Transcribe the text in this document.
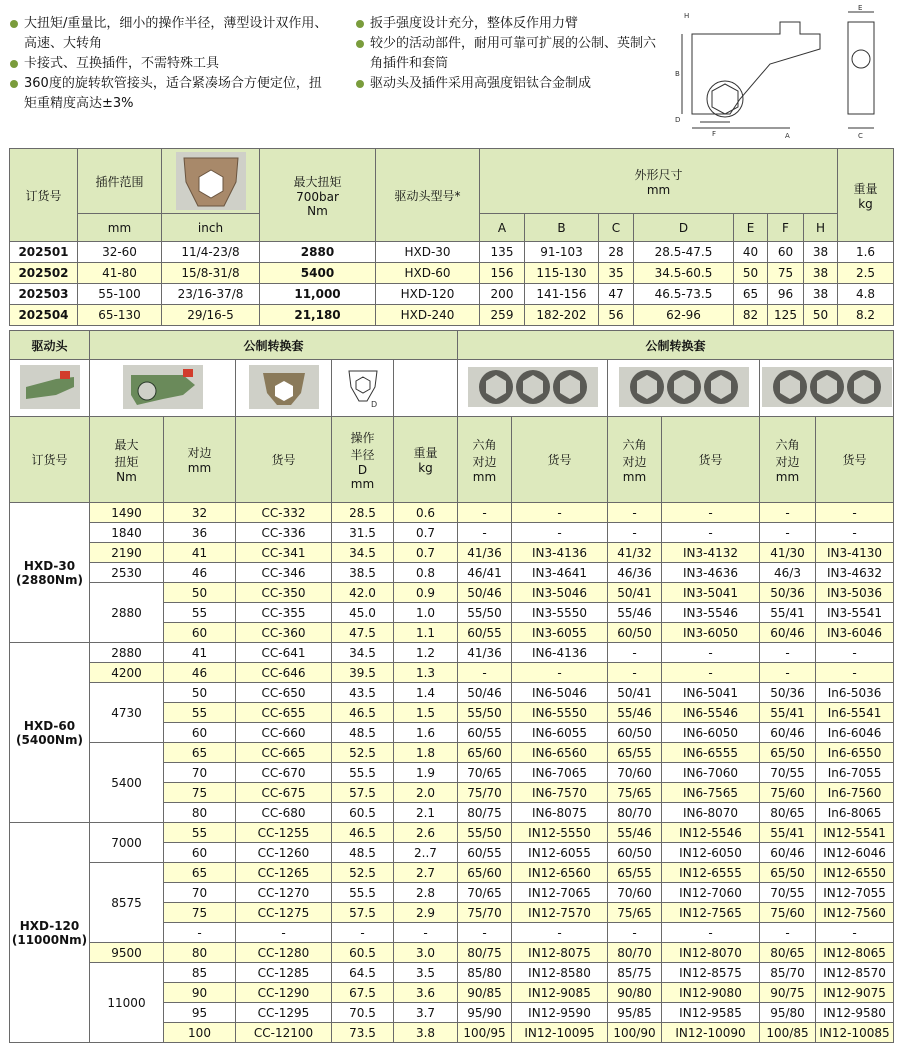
大扭矩/重量比，细小的操作半径，薄型设计双作用、高速、大转角
卡接式、互换插件，不需特殊工具
360度的旋转软管接头，适合紧凑场合方便定位，扭矩重精度高达±3%
扳手强度设计充分，整体反作用力臂
较少的活动部件，耐用可靠可扩展的公制、英制六角插件和套筒
驱动头及插件采用高强度铝钛合金制成
H
E
B
C
D
F	A
订货号	插件范围		最大扭矩
700bar
Nm	驱动头型号*	外形尺寸
mm							重量
kg
	mm	inch			A	B	C	D	E	F	H	
202501	32-60	11/4-23/8	2880	HXD-30	135	91-103	28	28.5-47.5	40	60	38	1.6
202502	41-80	15/8-31/8	5400	HXD-60	156	115-130	35	34.5-60.5	50	75	38	2.5
202503	55-100	23/16-37/8	11,000	HXD-120	200	141-156	47	46.5-73.5	65	96	38	4.8
202504	65-130	29/16-5	21,180	HXD-240	259	182-202	56	62-96	82	125	50	8.2
驱动头	公制转换套					公制转换套					

D

订货号	最大
扭矩
Nm	对边
mm	货号	操作
半径
D
mm	重量
kg	六角
对边
mm	货号	六角
对边
mm	货号	六角
对边
mm	货号
HXD-30
(2880Nm)	1490	32	CC-332	28.5	0.6	-	-	-	-	-	-
	1840	36	CC-336	31.5	0.7	-	-	-	-	-	-
	2190	41	CC-341	34.5	0.7	41/36	IN3-4136	41/32	IN3-4132	41/30	IN3-4130
	2530	46	CC-346	38.5	0.8	46/41	IN3-4641	46/36	IN3-4636	46/3	IN3-4632
	2880	50	CC-350	42.0	0.9	50/46	IN3-5046	50/41	IN3-5041	50/36	IN3-5036
		55	CC-355	45.0	1.0	55/50	IN3-5550	55/46	IN3-5546	55/41	IN3-5541
		60	CC-360	47.5	1.1	60/55	IN3-6055	60/50	IN3-6050	60/46	IN3-6046
HXD-60
(5400Nm)	2880	41	CC-641	34.5	1.2	41/36	IN6-4136	-	-	-	-
	4200	46	CC-646	39.5	1.3	-	-	-	-	-	-
	4730	50	CC-650	43.5	1.4	50/46	IN6-5046	50/41	IN6-5041	50/36	In6-5036
		55	CC-655	46.5	1.5	55/50	IN6-5550	55/46	IN6-5546	55/41	In6-5541
		60	CC-660	48.5	1.6	60/55	IN6-6055	60/50	IN6-6050	60/46	In6-6046
	5400	65	CC-665	52.5	1.8	65/60	IN6-6560	65/55	IN6-6555	65/50	In6-6550
		70	CC-670	55.5	1.9	70/65	IN6-7065	70/60	IN6-7060	70/55	In6-7055
		75	CC-675	57.5	2.0	75/70	IN6-7570	75/65	IN6-7565	75/60	In6-7560
		80	CC-680	60.5	2.1	80/75	IN6-8075	80/70	IN6-8070	80/65	In6-8065
HXD-120
(11000Nm)	7000	55	CC-1255	46.5	2.6	55/50	IN12-5550	55/46	IN12-5546	55/41	IN12-5541
		60	CC-1260	48.5	2..7	60/55	IN12-6055	60/50	IN12-6050	60/46	IN12-6046
	8575	65	CC-1265	52.5	2.7	65/60	IN12-6560	65/55	IN12-6555	65/50	IN12-6550
		70	CC-1270	55.5	2.8	70/65	IN12-7065	70/60	IN12-7060	70/55	IN12-7055
		75	CC-1275	57.5	2.9	75/70	IN12-7570	75/65	IN12-7565	75/60	IN12-7560
		-	-	-	-	-	-	-	-	-	-
	9500	80	CC-1280	60.5	3.0	80/75	IN12-8075	80/70	IN12-8070	80/65	IN12-8065
	11000	85	CC-1285	64.5	3.5	85/80	IN12-8580	85/75	IN12-8575	85/70	IN12-8570
		90	CC-1290	67.5	3.6	90/85	IN12-9085	90/80	IN12-9080	90/75	IN12-9075
		95	CC-1295	70.5	3.7	95/90	IN12-9590	95/85	IN12-9585	95/80	IN12-9580
		100	CC-12100	73.5	3.8	100/95	IN12-10095	100/90	IN12-10090	100/85	IN12-10085
